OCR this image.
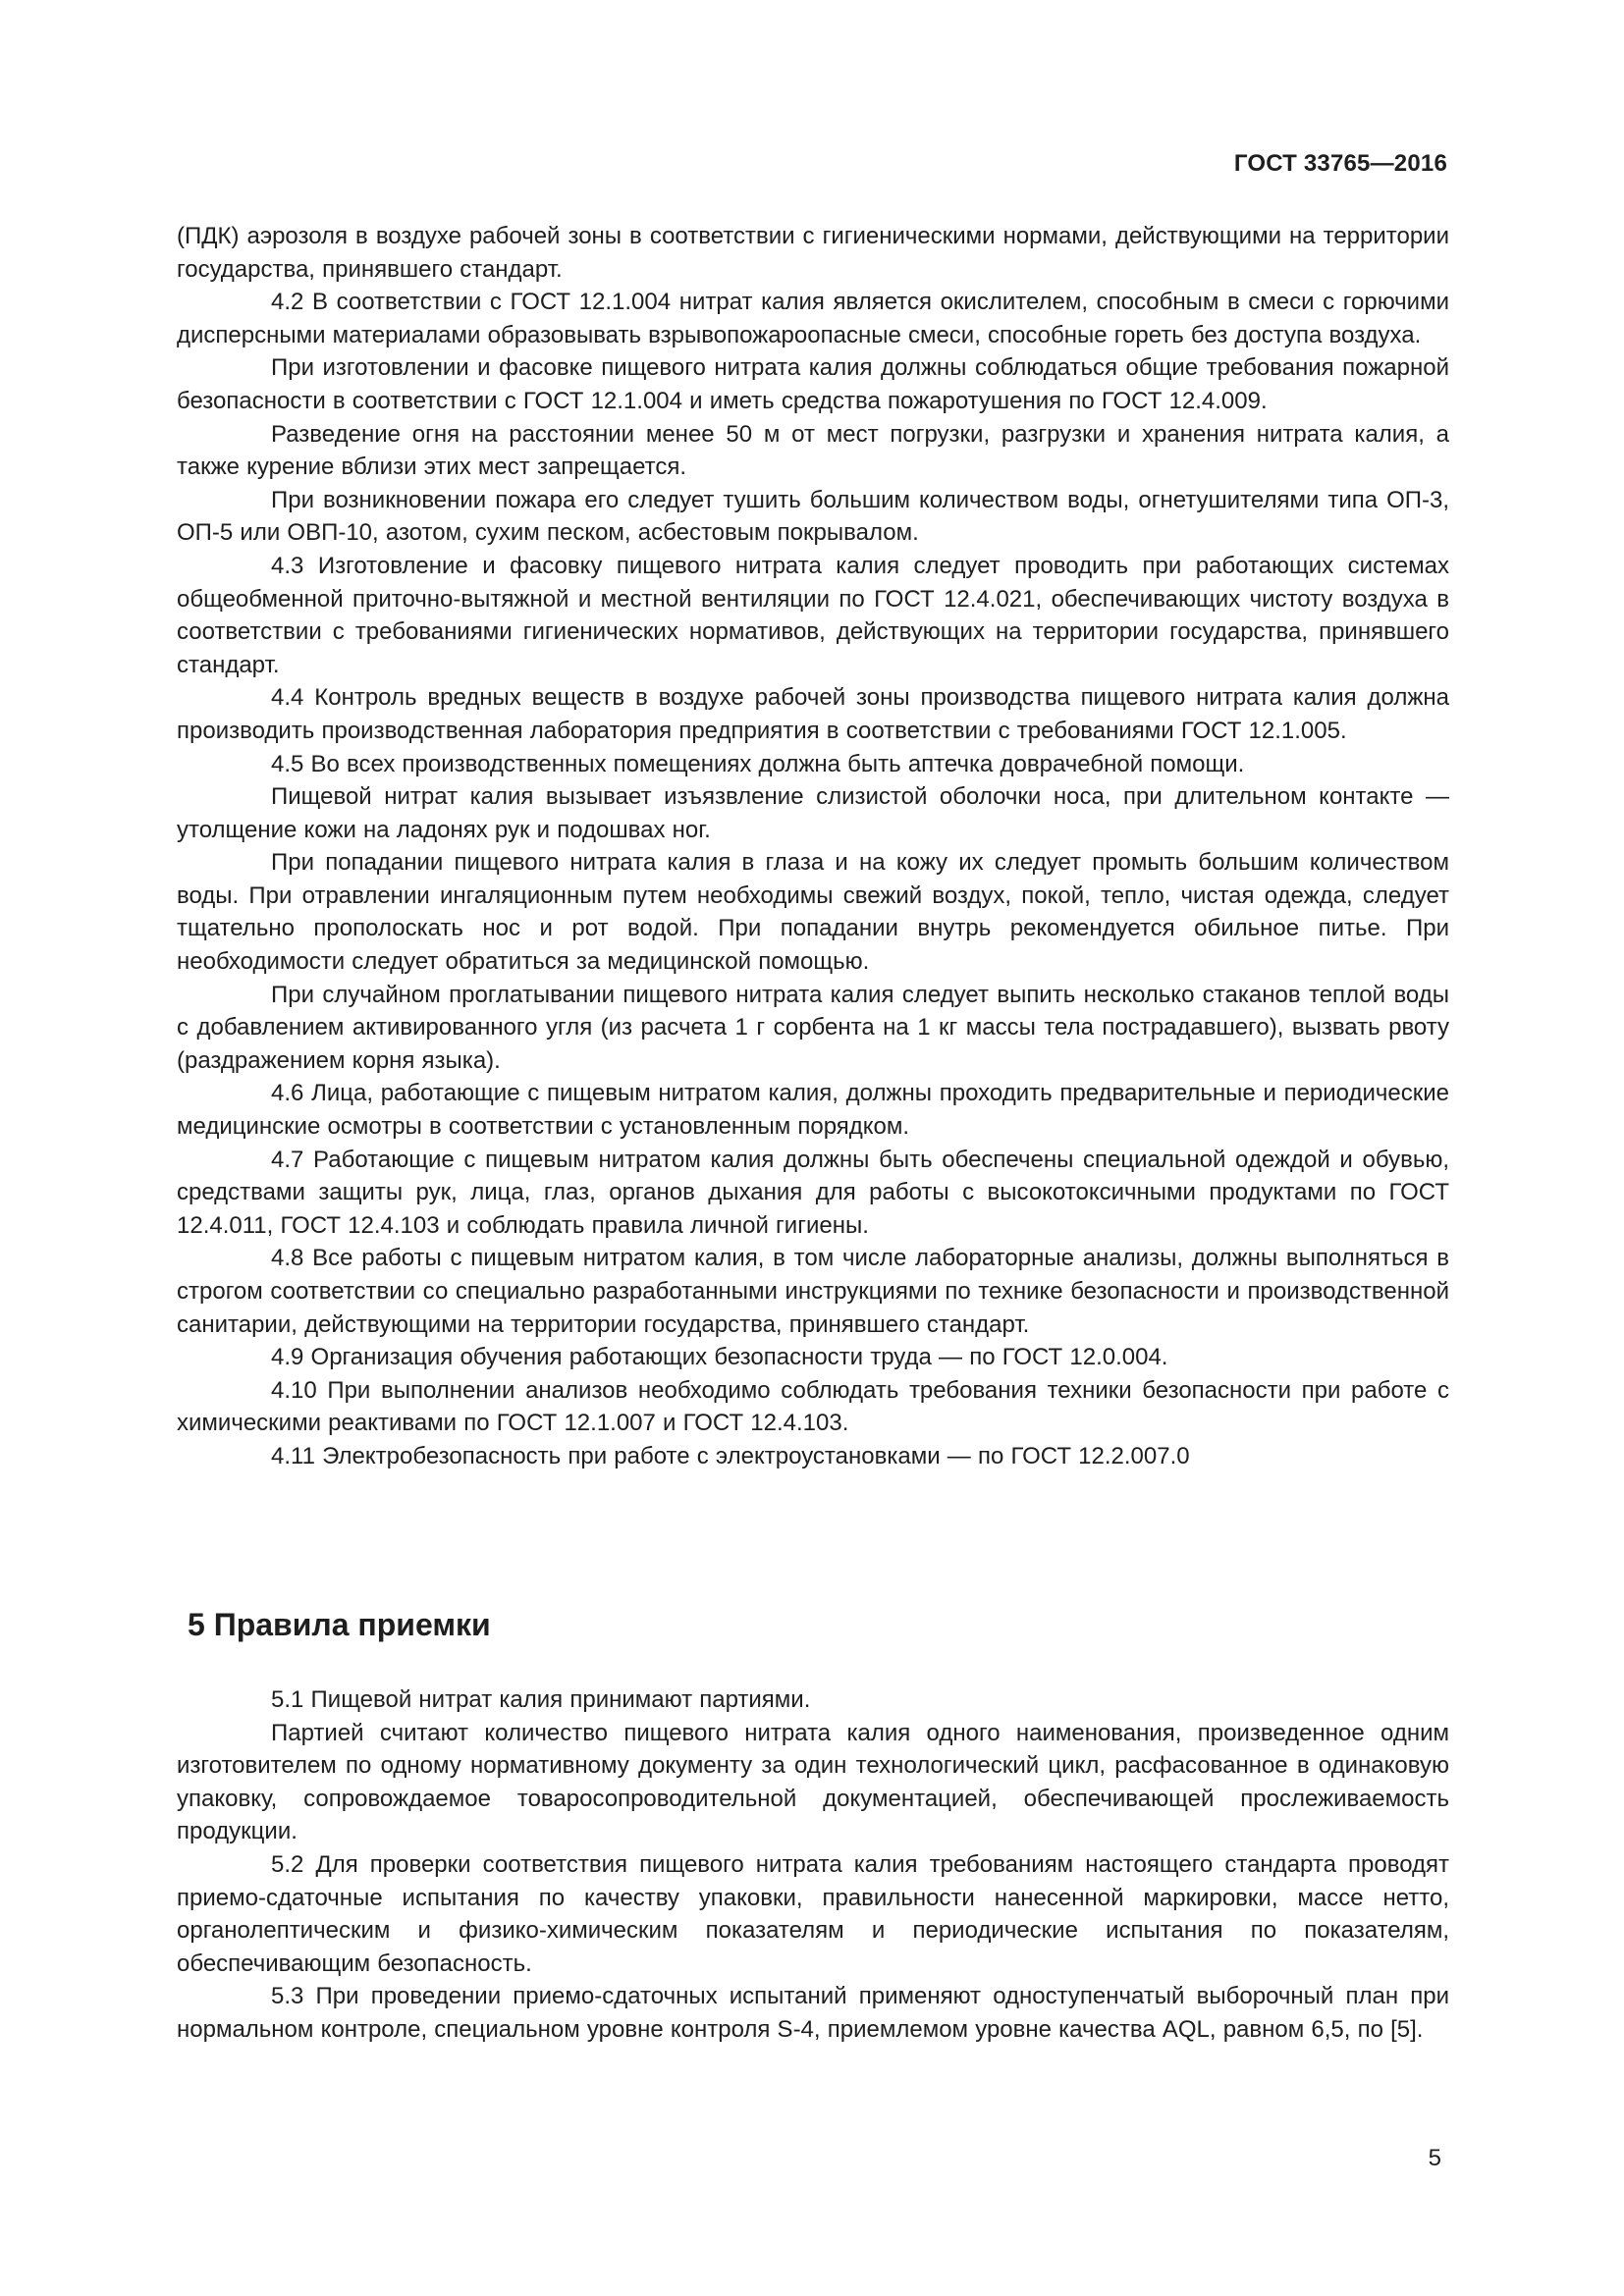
ГОСТ 33765—2016

(ПДК) аэрозоля в воздухе рабочей зоны в соответствии с гигиеническими нормами, действующими на территории государства, принявшего стандарт.

4.2 В соответствии с ГОСТ 12.1.004 нитрат калия является окислителем, способным в смеси с горючими дисперсными материалами образовывать взрывопожароопасные смеси, способные гореть без доступа воздуха.

При изготовлении и фасовке пищевого нитрата калия должны соблюдаться общие требования пожарной безопасности в соответствии с ГОСТ 12.1.004 и иметь средства пожаротушения по ГОСТ 12.4.009.

Разведение огня на расстоянии менее 50 м от мест погрузки, разгрузки и хранения нитрата калия, а также курение вблизи этих мест запрещается.

При возникновении пожара его следует тушить большим количеством воды, огнетушителями типа ОП-3, ОП-5 или ОВП-10, азотом, сухим песком, асбестовым покрывалом.

4.3 Изготовление и фасовку пищевого нитрата калия следует проводить при работающих системах общеобменной приточно-вытяжной и местной вентиляции по ГОСТ 12.4.021, обеспечивающих чистоту воздуха в соответствии с требованиями гигиенических нормативов, действующих на территории государства, принявшего стандарт.

4.4 Контроль вредных веществ в воздухе рабочей зоны производства пищевого нитрата калия должна производить производственная лаборатория предприятия в соответствии с требованиями ГОСТ 12.1.005.

4.5 Во всех производственных помещениях должна быть аптечка доврачебной помощи.

Пищевой нитрат калия вызывает изъязвление слизистой оболочки носа, при длительном контакте — утолщение кожи на ладонях рук и подошвах ног.

При попадании пищевого нитрата калия в глаза и на кожу их следует промыть большим количеством воды. При отравлении ингаляционным путем необходимы свежий воздух, покой, тепло, чистая одежда, следует тщательно прополоскать нос и рот водой. При попадании внутрь рекомендуется обильное питье. При необходимости следует обратиться за медицинской помощью.

При случайном проглатывании пищевого нитрата калия следует выпить несколько стаканов теплой воды с добавлением активированного угля (из расчета 1 г сорбента на 1 кг массы тела пострадавшего), вызвать рвоту (раздражением корня языка).

4.6 Лица, работающие с пищевым нитратом калия, должны проходить предварительные и периодические медицинские осмотры в соответствии с установленным порядком.

4.7 Работающие с пищевым нитратом калия должны быть обеспечены специальной одеждой и обувью, средствами защиты рук, лица, глаз, органов дыхания для работы с высокотоксичными продуктами по ГОСТ 12.4.011, ГОСТ 12.4.103 и соблюдать правила личной гигиены.

4.8 Все работы с пищевым нитратом калия, в том числе лабораторные анализы, должны выполняться в строгом соответствии со специально разработанными инструкциями по технике безопасности и производственной санитарии, действующими на территории государства, принявшего стандарт.

4.9 Организация обучения работающих безопасности труда — по ГОСТ 12.0.004.

4.10 При выполнении анализов необходимо соблюдать требования техники безопасности при работе с химическими реактивами по ГОСТ 12.1.007 и ГОСТ 12.4.103.

4.11 Электробезопасность при работе с электроустановками — по ГОСТ 12.2.007.0

5 Правила приемки

5.1 Пищевой нитрат калия принимают партиями.

Партией считают количество пищевого нитрата калия одного наименования, произведенное одним изготовителем по одному нормативному документу за один технологический цикл, расфасованное в одинаковую упаковку, сопровождаемое товаросопроводительной документацией, обеспечивающей прослеживаемость продукции.

5.2 Для проверки соответствия пищевого нитрата калия требованиям настоящего стандарта проводят приемо-сдаточные испытания по качеству упаковки, правильности нанесенной маркировки, массе нетто, органолептическим и физико-химическим показателям и периодические испытания по показателям, обеспечивающим безопасность.

5.3 При проведении приемо-сдаточных испытаний применяют одноступенчатый выборочный план при нормальном контроле, специальном уровне контроля S-4, приемлемом уровне качества AQL, равном 6,5, по [5].

5
